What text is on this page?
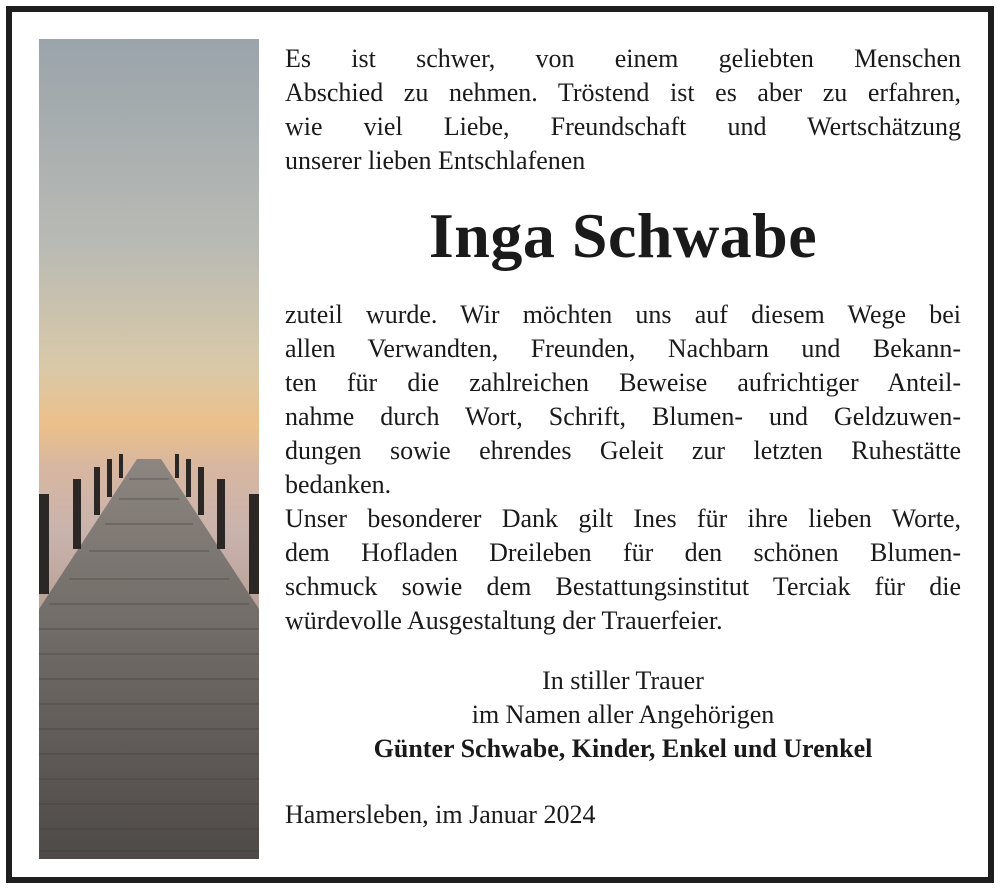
Es ist schwer, von einem geliebten Menschen
Abschied zu nehmen. Tröstend ist es aber zu erfahren,
wie viel Liebe, Freundschaft und Wertschätzung
unserer lieben Entschlafenen

Inga Schwabe

zuteil wurde. Wir möchten uns auf diesem Wege bei
allen Verwandten, Freunden, Nachbarn und Bekann-
ten für die zahlreichen Beweise aufrichtiger Anteil-
nahme durch Wort, Schrift, Blumen- und Geldzuwen-
dungen sowie ehrendes Geleit zur letzten Ruhestätte
bedanken.

Unser besonderer Dank gilt Ines für ihre lieben Worte,
dem Hofladen Dreileben für den schönen Blumen-
schmuck sowie dem Bestattungsinstitut Terciak für die
würdevolle Ausgestaltung der Trauerfeier.

In stiller Trauer
im Namen aller Angehörigen
Günter Schwabe, Kinder, Enkel und Urenkel
Hamersleben, im Januar 2024
